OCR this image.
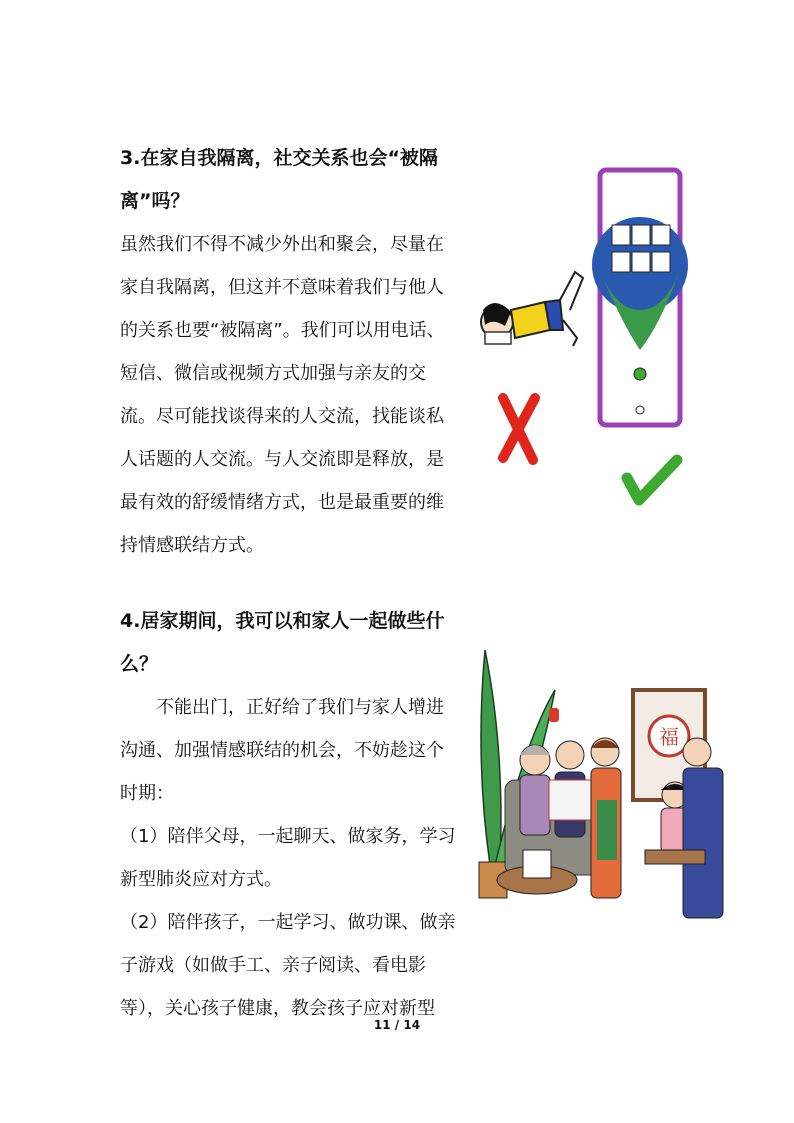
3.在家自我隔离，社交关系也会“被隔离”吗？

虽然我们不得不减少外出和聚会，尽量在家自我隔离，但这并不意味着我们与他人的关系也要“被隔离”。我们可以用电话、短信、微信或视频方式加强与亲友的交流。尽可能找谈得来的人交流，找能谈私人话题的人交流。与人交流即是释放，是最有效的舒缓情绪方式，也是最重要的维持情感联结方式。

4.居家期间，我可以和家人一起做些什么？

不能出门，正好给了我们与家人增进沟通、加强情感联结的机会，不妨趁这个时期：

（1）陪伴父母，一起聊天、做家务，学习新型肺炎应对方式。

（2）陪伴孩子，一起学习、做功课、做亲子游戏（如做手工、亲子阅读、看电影等），关心孩子健康，教会孩子应对新型

福
11 / 14
